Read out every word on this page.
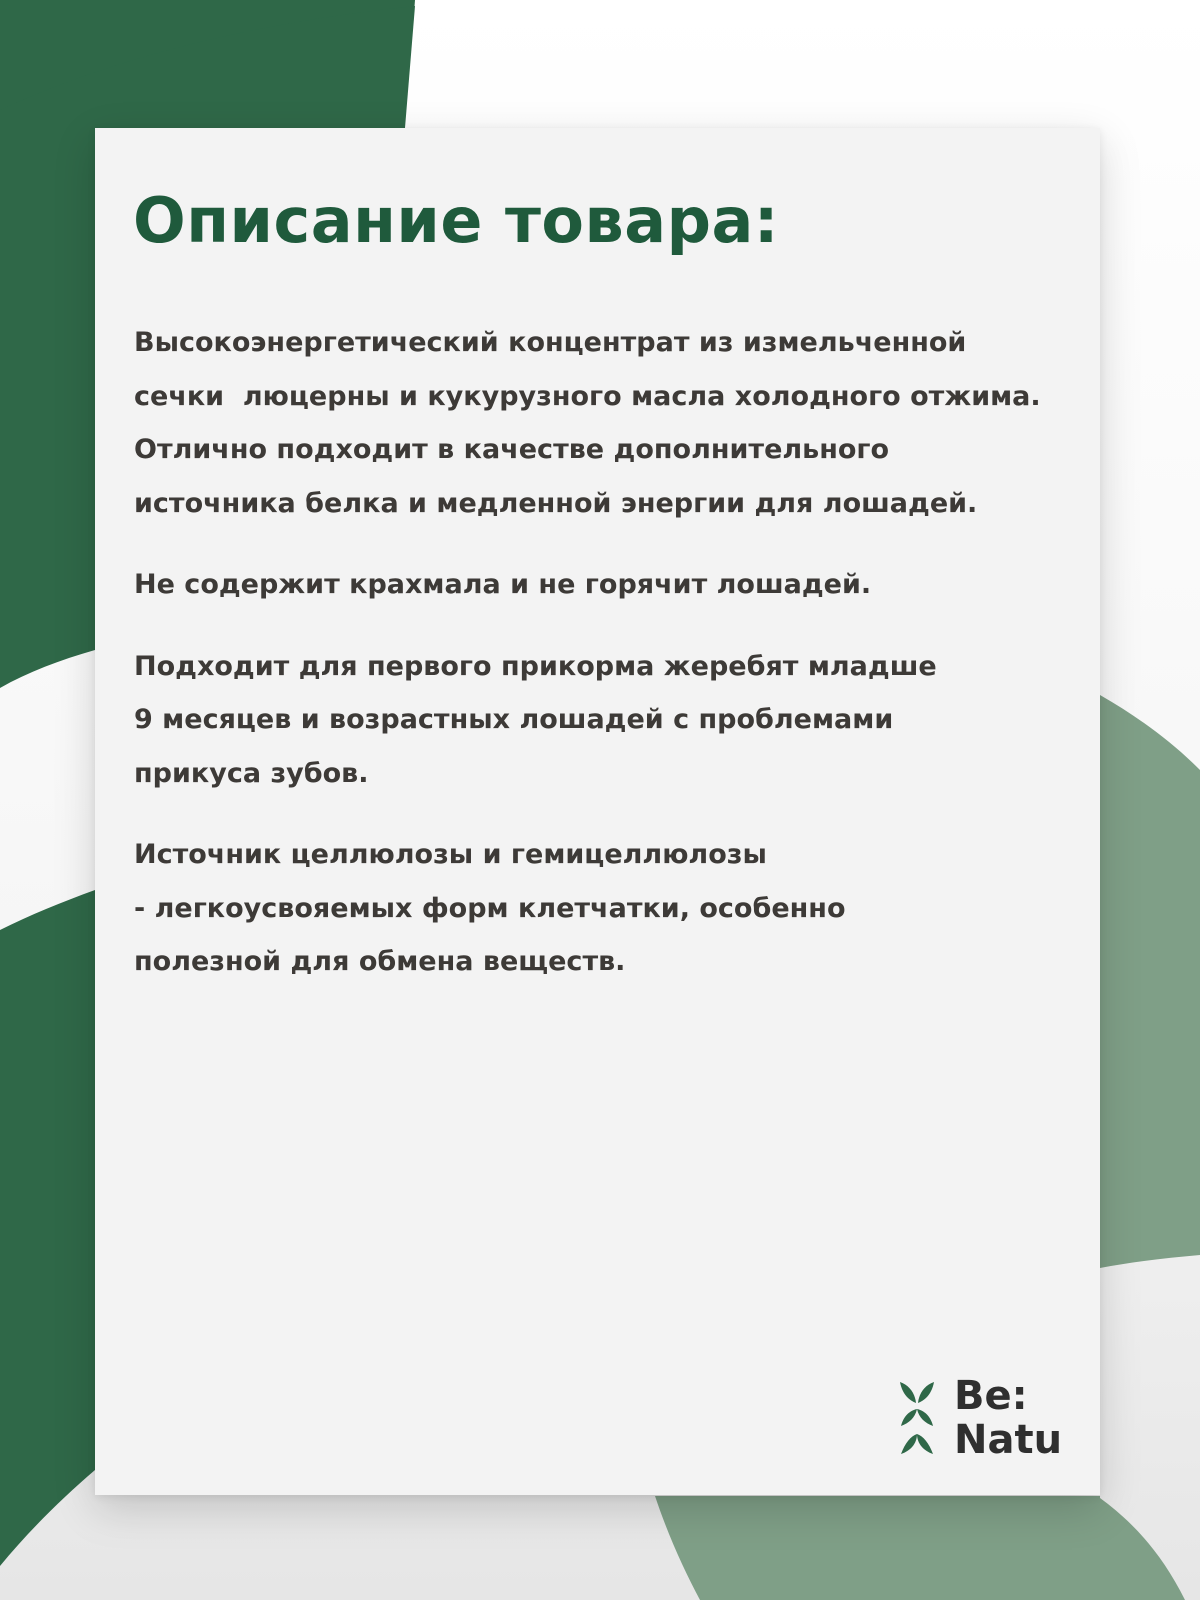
Описание товара:

Высокоэнергетический концентрат из измельченной
сечки  люцерны и кукурузного масла холодного отжима.
Отлично подходит в качестве дополнительного
источника белка и медленной энергии для лошадей.

Не содержит крахмала и не горячит лошадей.

Подходит для первого прикорма жеребят младше
9 месяцев и возрастных лошадей с проблемами
прикуса зубов.

Источник целлюлозы и гемицеллюлозы
- легкоусвояемых форм клетчатки, особенно
полезной для обмена веществ.

Be:
Natu
